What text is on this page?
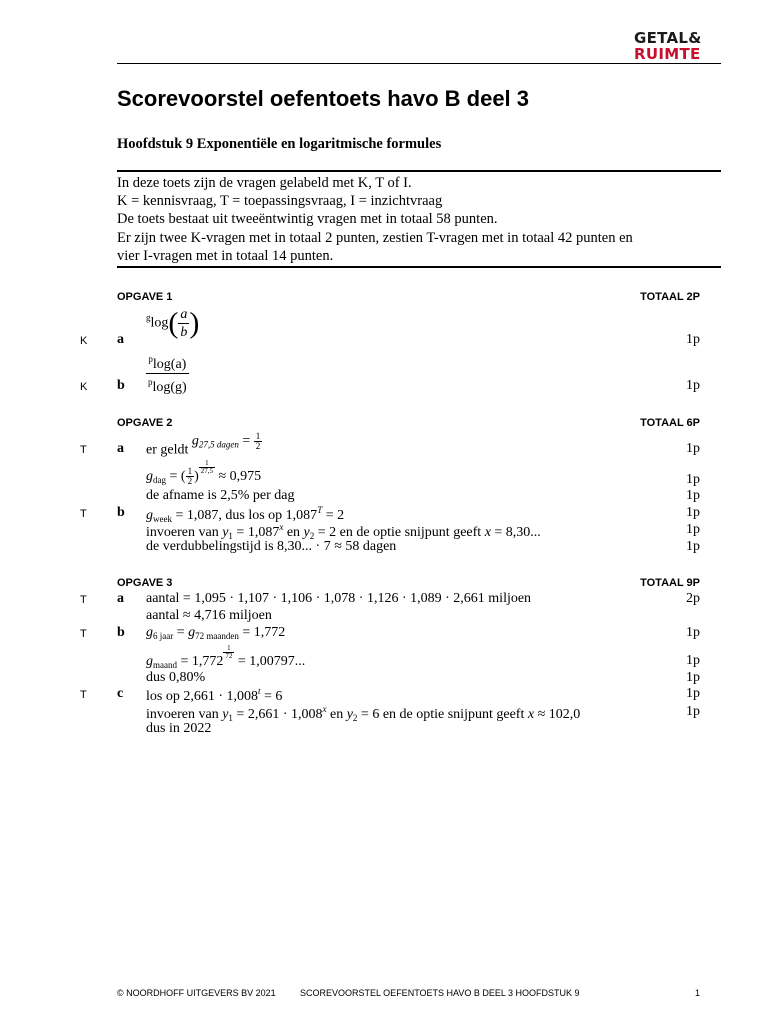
GETAL&
RUIMTE
Scorevoorstel oefentoets havo B deel 3
Hoofdstuk 9 Exponentiële en logaritmische formules
In deze toets zijn de vragen gelabeld met K, T of I.
K = kennisvraag, T = toepassingsvraag, I = inzichtvraag
De toets bestaat uit tweeëntwintig vragen met in totaal 58 punten.
Er zijn twee K-vragen met in totaal 2 punten, zestien T-vragen met in totaal 42 punten en
vier I-vragen met in totaal 14 punten.
OPGAVE 1	TOTAAL 2P
K a
$^g\log( \frac{a}{b}$ )	1p
K b $\frac{^p\log(a)}{^p\log(g)}$	1p
OPGAVE 2	TOTAAL 6P
T a er geldt $g_{27,5 dagen} = \frac{1}{2}$	1p
$g_{dag}$ = ( $\frac{1}{2}$ )
$\frac{1}{27,5}$
≈ 0,975	1p
de afname is 2,5% per dag	1p
T b $g_{week} = 1,087$, dus los op $1,087^T = 2$	1p
invoeren van $y_1 = 1,087^x$ en $y_2 = 2$ en de optie snijpunt geeft x = 8,30...	1p
de verdubbelingstijd is 8,30... · 7 ≈ 58 dagen	1p
OPGAVE 3	TOTAAL 9P
T a aantal = 1,095 · 1,107 · 1,106 · 1,078 · 1,126 · 1,089 · 2,661 miljoen	2p
aantal ≈ 4,716 miljoen
T b $g_{6 jaar} = g_{72 maanden} = 1,772$	1p
$g_{maand} = 1,772$
$\frac{1}{72}$
= 1,00797...	1p
dus 0,80%	1p
T c los op $2,661 \cdot 1,008^t = 6$	1p
invoeren van $y_1 = 2,661 \cdot 1,008^x$ en $y_2 = 6$ en de optie snijpunt geeft x ≈ 102,0	1p
dus in 2022
© NOORDHOFF UITGEVERS BV 2021	SCOREVOORSTEL OEFENTOETS HAVO B DEEL 3 HOOFDSTUK 9	1
